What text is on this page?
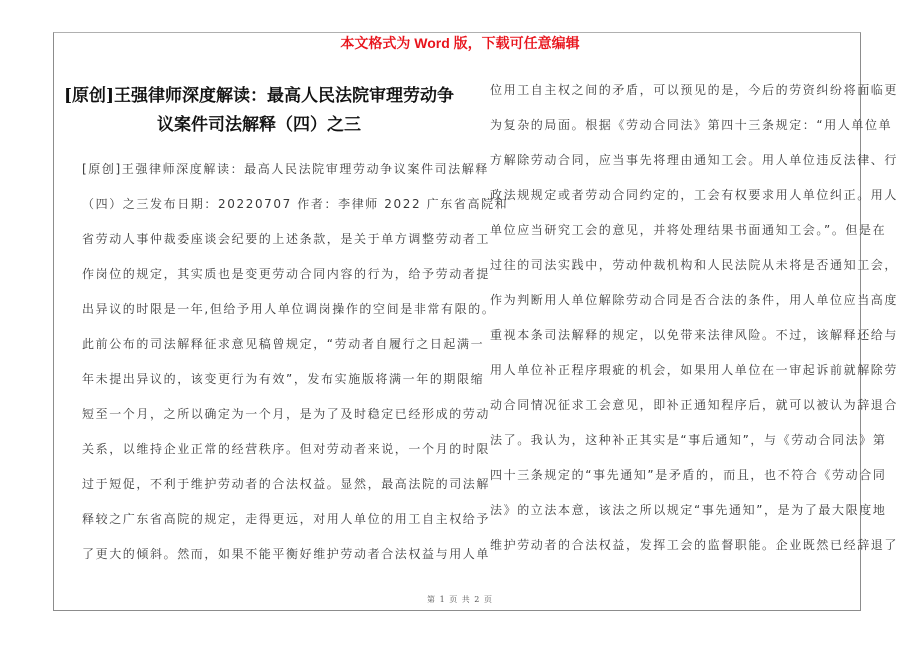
本文格式为 Word 版，下载可任意编辑
[原创]王强律师深度解读：最高人民法院审理劳动争
议案件司法解释（四）之三
[原创]王强律师深度解读：最高人民法院审理劳动争议案件司法解释
（四）之三发布日期：20220707 作者：李律师 2022 广东省高院和
省劳动人事仲裁委座谈会纪要的上述条款，是关于单方调整劳动者工
作岗位的规定，其实质也是变更劳动合同内容的行为，给予劳动者提
出异议的时限是一年,但给予用人单位调岗操作的空间是非常有限的。
此前公布的司法解释征求意见稿曾规定，“劳动者自履行之日起满一
年未提出异议的，该变更行为有效”，发布实施版将满一年的期限缩
短至一个月，之所以确定为一个月，是为了及时稳定已经形成的劳动
关系，以维持企业正常的经营秩序。但对劳动者来说，一个月的时限
过于短促，不利于维护劳动者的合法权益。显然，最高法院的司法解
释较之广东省高院的规定，走得更远，对用人单位的用工自主权给予
了更大的倾斜。然而，如果不能平衡好维护劳动者合法权益与用人单
位用工自主权之间的矛盾，可以预见的是，今后的劳资纠纷将面临更
为复杂的局面。根据《劳动合同法》第四十三条规定：“用人单位单
方解除劳动合同，应当事先将理由通知工会。用人单位违反法律、行
政法规规定或者劳动合同约定的，工会有权要求用人单位纠正。用人
单位应当研究工会的意见，并将处理结果书面通知工会。”。但是在
过往的司法实践中，劳动仲裁机构和人民法院从未将是否通知工会，
作为判断用人单位解除劳动合同是否合法的条件，用人单位应当高度
重视本条司法解释的规定，以免带来法律风险。不过，该解释还给与
用人单位补正程序瑕疵的机会，如果用人单位在一审起诉前就解除劳
动合同情况征求工会意见，即补正通知程序后，就可以被认为辞退合
法了。我认为，这种补正其实是“事后通知”，与《劳动合同法》第
四十三条规定的“事先通知”是矛盾的，而且，也不符合《劳动合同
法》的立法本意，该法之所以规定“事先通知”，是为了最大限度地
维护劳动者的合法权益，发挥工会的监督职能。企业既然已经辞退了
第 1 页 共 2 页
